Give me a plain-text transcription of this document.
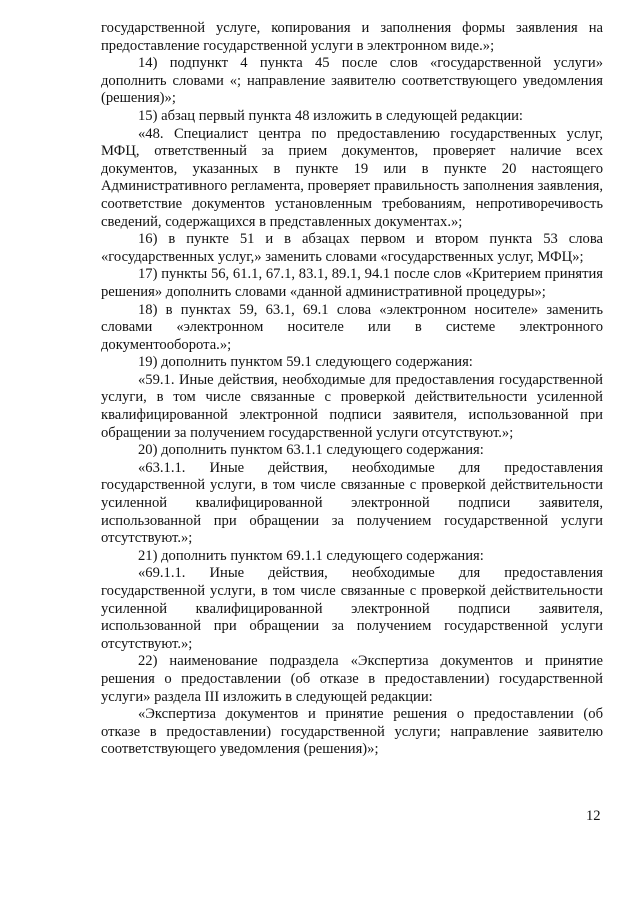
государственной услуге, копирования и заполнения формы заявления на предоставление государственной услуги в электронном виде.»;

14) подпункт 4 пункта 45 после слов «государственной услуги» дополнить словами «; направление заявителю соответствующего уведомления (решения)»;

15) абзац первый пункта 48 изложить в следующей редакции:

«48. Специалист центра по предоставлению государственных услуг, МФЦ, ответственный за прием документов, проверяет наличие всех документов, указанных в пункте 19 или в пункте 20 настоящего Административного регламента, проверяет правильность заполнения заявления, соответствие документов установленным требованиям, непротиворечивость сведений, содержащихся в представленных документах.»;

16) в пункте 51 и в абзацах первом и втором пункта 53 слова «государственных услуг,» заменить словами «государственных услуг, МФЦ»;

17) пункты 56, 61.1, 67.1, 83.1, 89.1, 94.1 после слов «Критерием принятия решения» дополнить словами «данной административной процедуры»;

18) в пунктах 59, 63.1, 69.1 слова «электронном носителе» заменить словами «электронном носителе или в системе электронного документооборота.»;

19) дополнить пунктом 59.1 следующего содержания:

«59.1. Иные действия, необходимые для предоставления государственной услуги, в том числе связанные с проверкой действительности усиленной квалифицированной электронной подписи заявителя, использованной при обращении за получением государственной услуги отсутствуют.»;

20) дополнить пунктом 63.1.1 следующего содержания:

«63.1.1. Иные действия, необходимые для предоставления государственной услуги, в том числе связанные с проверкой действительности усиленной квалифицированной электронной подписи заявителя, использованной при обращении за получением государственной услуги отсутствуют.»;

21) дополнить пунктом 69.1.1 следующего содержания:

«69.1.1. Иные действия, необходимые для предоставления государственной услуги, в том числе связанные с проверкой действительности усиленной квалифицированной электронной подписи заявителя, использованной при обращении за получением государственной услуги отсутствуют.»;

22) наименование подраздела «Экспертиза документов и принятие решения о предоставлении (об отказе в предоставлении) государственной услуги» раздела III изложить в следующей редакции:

«Экспертиза документов и принятие решения о предоставлении (об отказе в предоставлении) государственной услуги; направление заявителю соответствующего уведомления (решения)»;

12
